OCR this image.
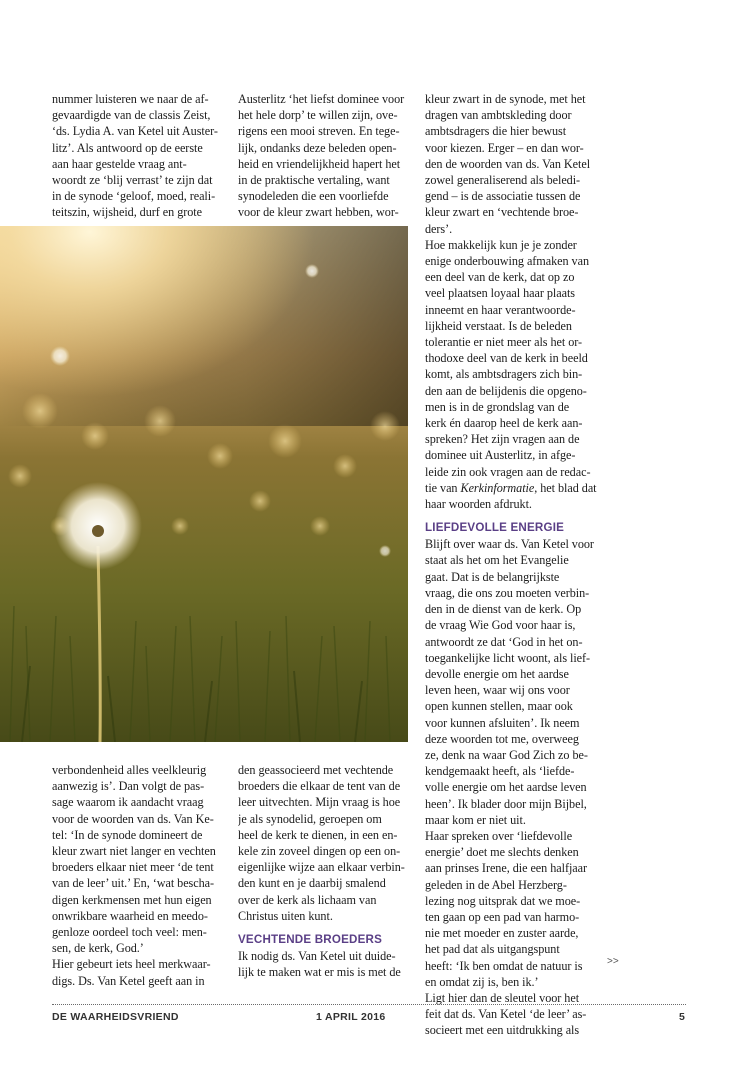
nummer luisteren we naar de af-
gevaardigde van de classis Zeist,
‘ds. Lydia A. van Ketel uit Auster-
litz’. Als antwoord op de eerste
aan haar gestelde vraag ant-
woordt ze ‘blij verrast’ te zijn dat
in de synode ‘geloof, moed, reali-
teitszin, wijsheid, durf en grote
Austerlitz ‘het liefst dominee voor
het hele dorp’ te willen zijn, ove-
rigens een mooi streven. En tege-
lijk, ondanks deze beleden open-
heid en vriendelijkheid hapert het
in de praktische vertaling, want
synodeleden die een voorliefde
voor de kleur zwart hebben, wor-
verbondenheid alles veelkleurig
aanwezig is’. Dan volgt de pas-
sage waarom ik aandacht vraag
voor de woorden van ds. Van Ke-
tel: ‘In de synode domineert de
kleur zwart niet langer en vechten
broeders elkaar niet meer ‘de tent
van de leer’ uit.’ En, ‘wat bescha-
digen kerkmensen met hun eigen
onwrikbare waarheid en meedo-
genloze oordeel toch veel: men-
sen, de kerk, God.’
Hier gebeurt iets heel merkwaar-
digs. Ds. Van Ketel geeft aan in
den geassocieerd met vechtende
broeders die elkaar de tent van de
leer uitvechten. Mijn vraag is hoe
je als synodelid, geroepen om
heel de kerk te dienen, in een en-
kele zin zoveel dingen op een on-
eigenlijke wijze aan elkaar verbin-
den kunt en je daarbij smalend
over de kerk als lichaam van
Christus uiten kunt.
VECHTENDE BROEDERS
Ik nodig ds. Van Ketel uit duide-
lijk te maken wat er mis is met de
kleur zwart in de synode, met het
dragen van ambtskleding door
ambtsdragers die hier bewust
voor kiezen. Erger – en dan wor-
den de woorden van ds. Van Ketel
zowel generaliserend als beledi-
gend – is de associatie tussen de
kleur zwart en ‘vechtende broe-
ders’.
Hoe makkelijk kun je je zonder
enige onderbouwing afmaken van
een deel van de kerk, dat op zo
veel plaatsen loyaal haar plaats
inneemt en haar verantwoorde-
lijkheid verstaat. Is de beleden
tolerantie er niet meer als het or-
thodoxe deel van de kerk in beeld
komt, als ambtsdragers zich bin-
den aan de belijdenis die opgeno-
men is in de grondslag van de
kerk én daarop heel de kerk aan-
spreken? Het zijn vragen aan de
dominee uit Austerlitz, in afge-
leide zin ook vragen aan de redac-
tie van Kerkinformatie, het blad dat
haar woorden afdrukt.
LIEFDEVOLLE ENERGIE
Blijft over waar ds. Van Ketel voor
staat als het om het Evangelie
gaat. Dat is de belangrijkste
vraag, die ons zou moeten verbin-
den in de dienst van de kerk. Op
de vraag Wie God voor haar is,
antwoordt ze dat ‘God in het on-
toegankelijke licht woont, als lief-
devolle energie om het aardse
leven heen, waar wij ons voor
open kunnen stellen, maar ook
voor kunnen afsluiten’. Ik neem
deze woorden tot me, overweeg
ze, denk na waar God Zich zo be-
kendgemaakt heeft, als ‘liefde-
volle energie om het aardse leven
heen’. Ik blader door mijn Bijbel,
maar kom er niet uit.
Haar spreken over ‘liefdevolle
energie’ doet me slechts denken
aan prinses Irene, die een halfjaar
geleden in de Abel Herzberg-
lezing nog uitsprak dat we moe-
ten gaan op een pad van harmo-
nie met moeder en zuster aarde,
het pad dat als uitgangspunt
heeft: ‘Ik ben omdat de natuur is
en omdat zij is, ben ik.’
Ligt hier dan de sleutel voor het
feit dat ds. Van Ketel ‘de leer’ as-
socieert met een uitdrukking als
>>
DE WAARHEIDSVRIEND	1 APRIL 2016	5
